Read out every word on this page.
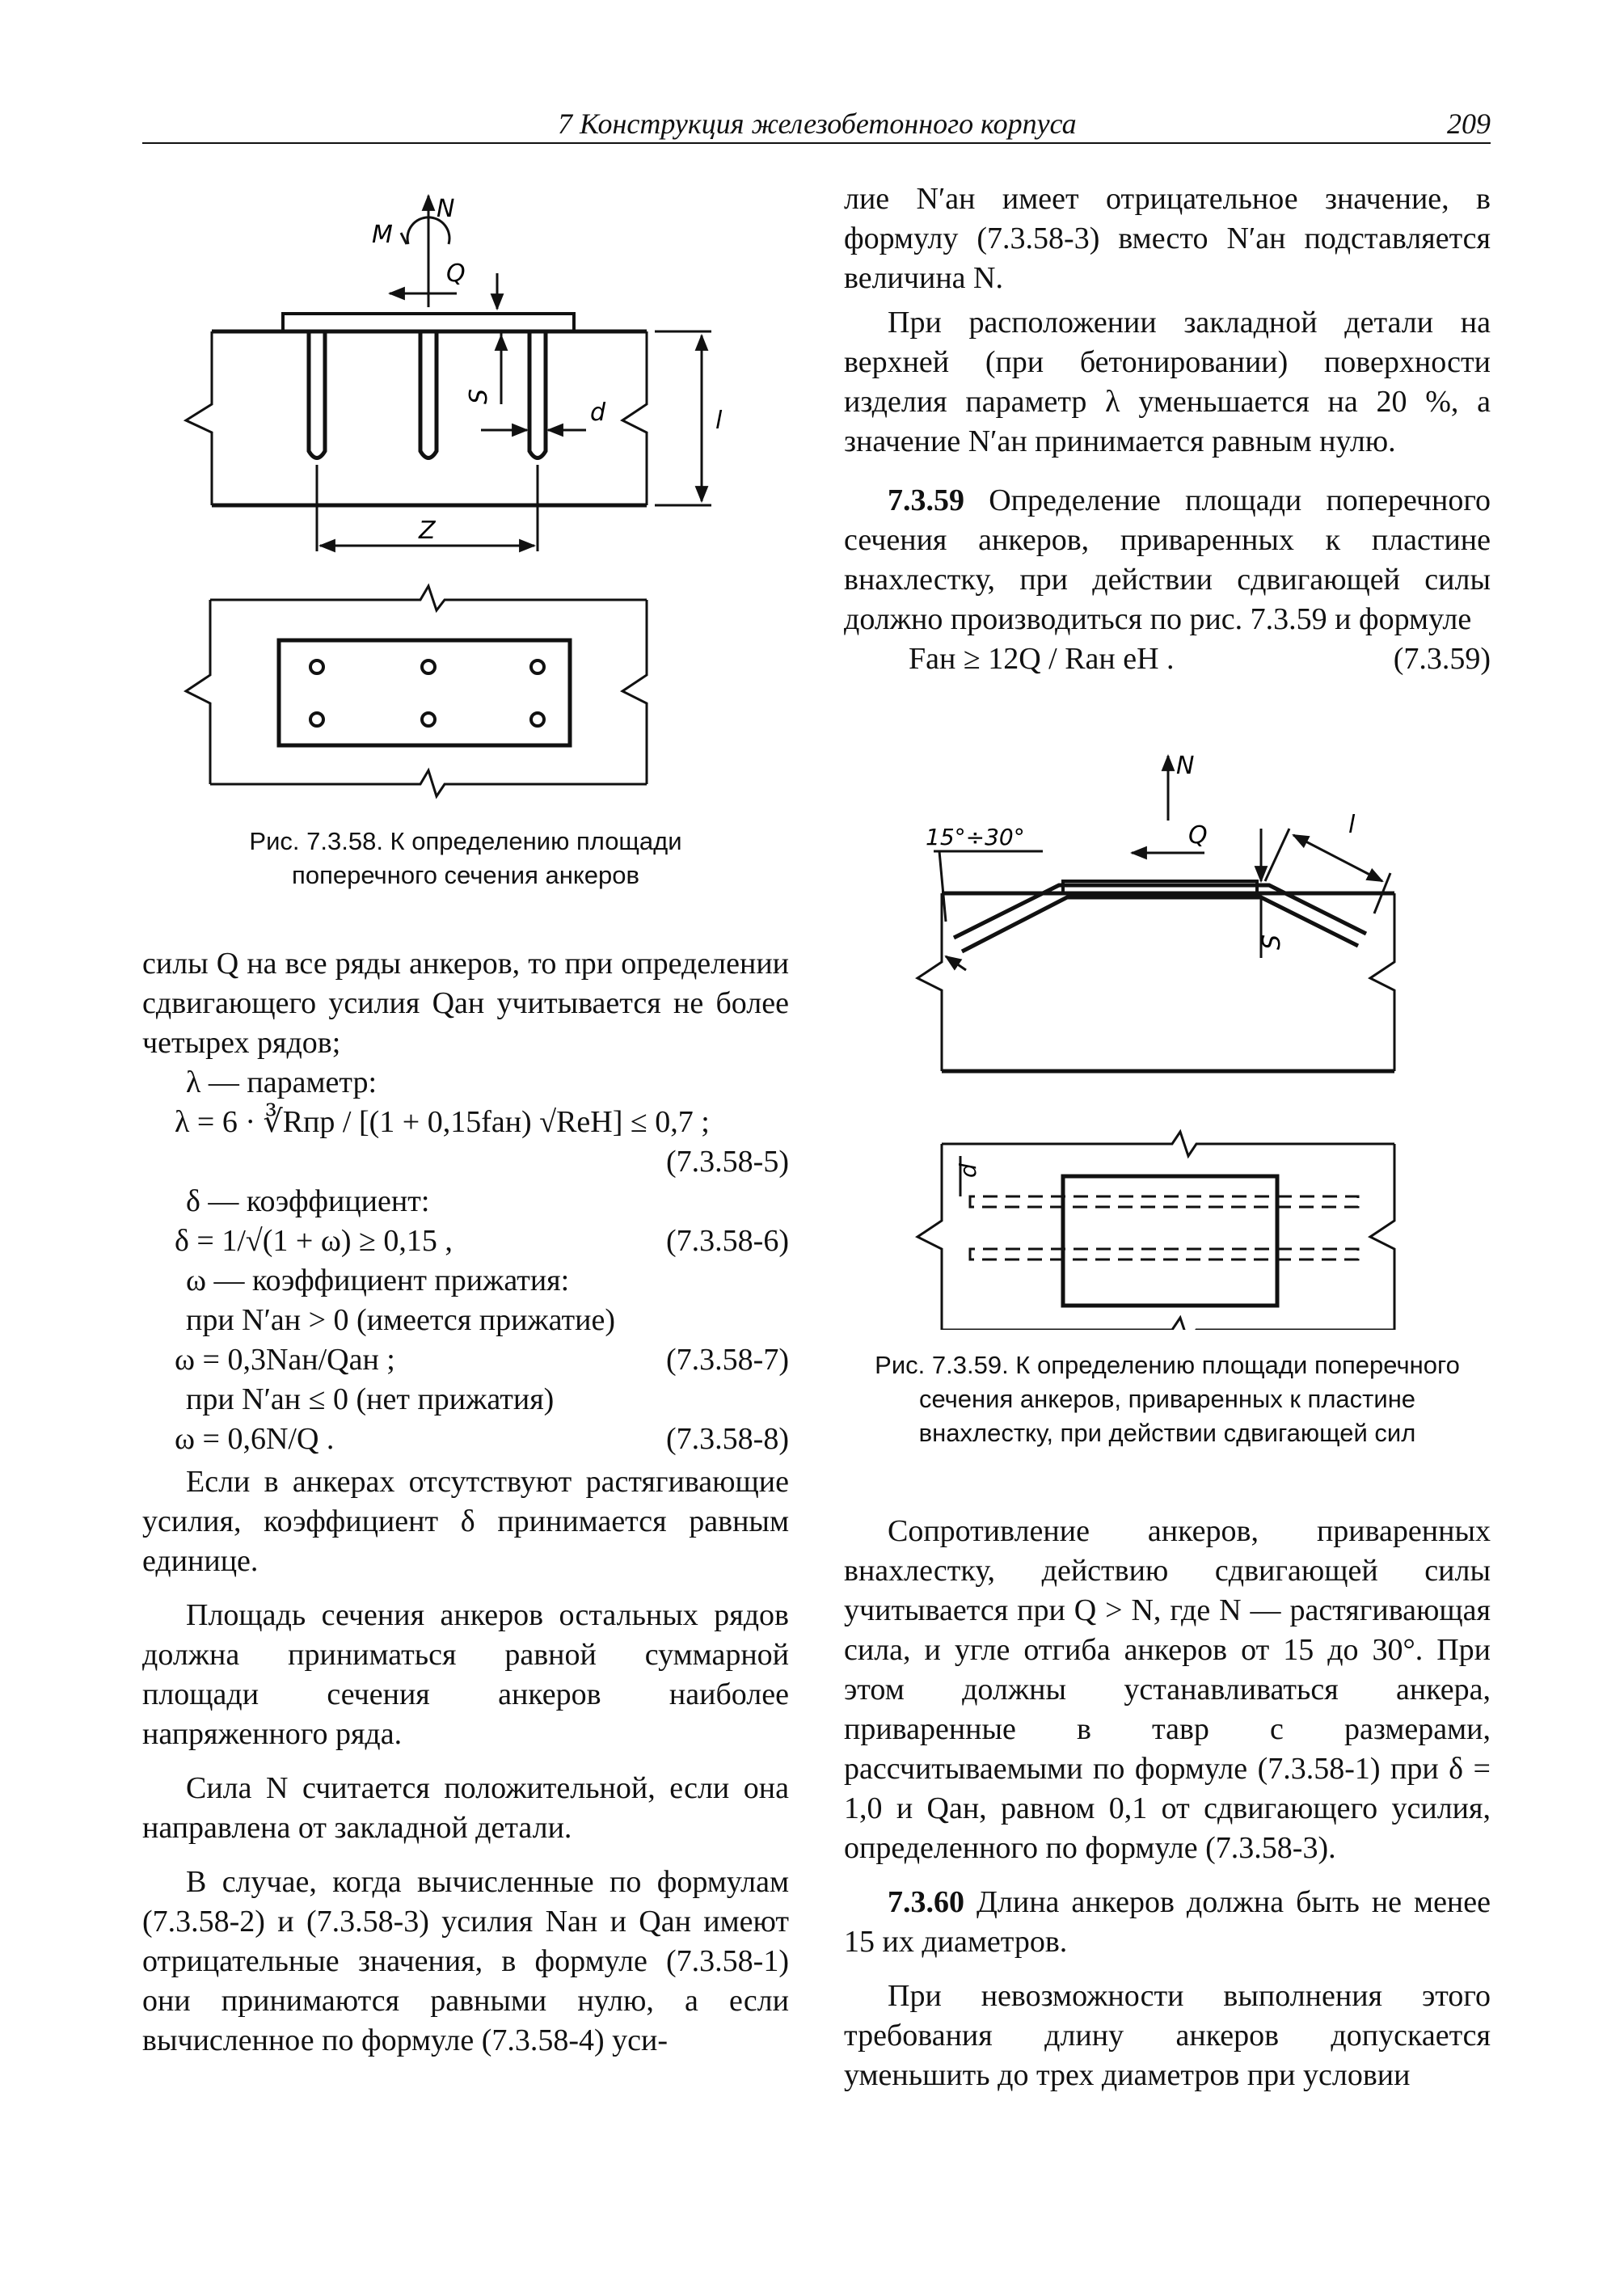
7 Конструкция железобетонного корпуса	209
N
M
Q
S
d	l
Z
Рис. 7.3.58. К определению площади
поперечного сечения анкеров

силы Q на все ряды анкеров, то при определении сдвигающего усилия Qан учитывается не более четырех рядов;

λ — параметр:

λ = 6 · ∛Rпр / [(1 + 0,15fан) √ReH] ≤ 0,7 ;
(7.3.58-5)

δ — коэффициент:

δ = 1/√(1 + ω) ≥ 0,15 ,	(7.3.58-6)

ω — коэффициент прижатия:

при N′ан > 0 (имеется прижатие)

ω = 0,3Nан/Qан ;	(7.3.58-7)

при N′ан ≤ 0 (нет прижатия)

ω = 0,6N/Q .	(7.3.58-8)

Если в анкерах отсутствуют растягивающие усилия, коэффициент δ принимается равным единице.

Площадь сечения анкеров остальных рядов должна приниматься равной суммарной площади сечения анкеров наиболее напряженного ряда.

Сила N считается положительной, если она направлена от закладной детали.

В случае, когда вычисленные по формулам (7.3.58-2) и (7.3.58-3) усилия Nан и Qан имеют отрицательные значения, в формуле (7.3.58-1) они принимаются равными нулю, а если вычисленное по формуле (7.3.58-4) уси-

лие N′ан имеет отрицательное значение, в формулу (7.3.58-3) вместо N′ан подставляется величина N.

При расположении закладной детали на верхней (при бетонировании) поверхности изделия параметр λ уменьшается на 20 %, а значение N′ан принимается равным нулю.

7.3.59 Определение площади поперечного сечения анкеров, приваренных к пластине внахлестку, при действии сдвигающей силы должно производиться по рис. 7.3.59 и формуле

Fан ≥ 12Q / Rан eH .	(7.3.59)
N
Q
15°÷30°	l
S
d
Рис. 7.3.59. К определению площади поперечного
сечения анкеров, приваренных к пластине
внахлестку, при действии сдвигающей сил

Сопротивление анкеров, приваренных внахлестку, действию сдвигающей силы учитывается при Q > N, где N — растягивающая сила, и угле отгиба анкеров от 15 до 30°. При этом должны устанавливаться анкера, приваренные в тавр с размерами, рассчитываемыми по формуле (7.3.58-1) при δ = 1,0 и Qан, равном 0,1 от сдвигающего усилия, определенного по формуле (7.3.58-3).

7.3.60 Длина анкеров должна быть не менее 15 их диаметров.

При невозможности выполнения этого требования длину анкеров допускается уменьшить до трех диаметров при условии
